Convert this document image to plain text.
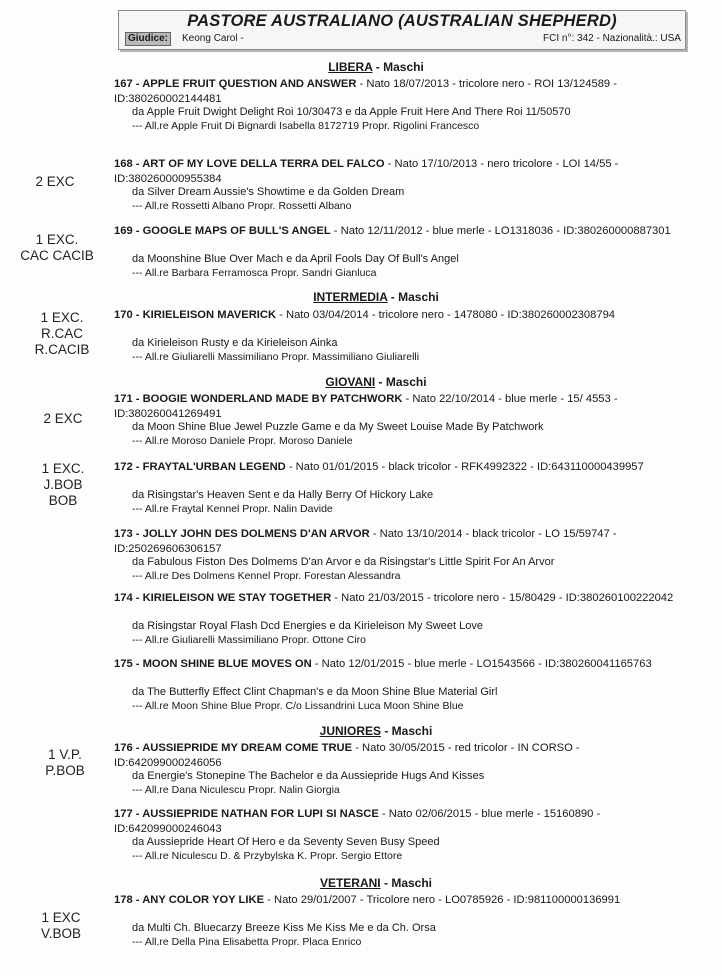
PASTORE AUSTRALIANO (AUSTRALIAN SHEPHERD)
Giudice:	Keong Carol -	FCI n°: 342 - Nazionalità.: USA
LIBERA - Maschi
INTERMEDIA - Maschi
GIOVANI - Maschi
JUNIORES - Maschi
VETERANI - Maschi
2 EXC
1 EXC.
CAC CACIB
1 EXC.
R.CAC
R.CACIB
2 EXC
1 EXC.
J.BOB
BOB
1 V.P.
P.BOB
1 EXC
V.BOB
167 - APPLE FRUIT QUESTION AND ANSWER - Nato 18/07/2013 - tricolore nero - ROI 13/124589 - ID:380260002144481
da Apple Fruit Dwight Delight Roi 10/30473 e da Apple Fruit Here And There Roi 11/50570
--- All.re Apple Fruit Di Bignardi Isabella 8172719 Propr. Rigolini Francesco
168 - ART OF MY LOVE DELLA TERRA DEL FALCO - Nato 17/10/2013 - nero tricolore - LOI 14/55 - ID:380260000955384
da Silver Dream Aussie's Showtime e da Golden Dream
--- All.re Rossetti Albano Propr. Rossetti Albano
169 - GOOGLE MAPS OF BULL'S ANGEL - Nato 12/11/2012 - blue merle - LO1318036 - ID:380260000887301
da Moonshine Blue Over Mach e da April Fools Day Of Bull's Angel
--- All.re Barbara Ferramosca Propr. Sandri Gianluca
170 - KIRIELEISON MAVERICK - Nato 03/04/2014 - tricolore nero - 1478080 - ID:380260002308794
da Kirieleison Rusty e da Kirieleison Ainka
--- All.re Giuliarelli Massimiliano Propr. Massimiliano Giuliarelli
171 - BOOGIE WONDERLAND MADE BY PATCHWORK - Nato 22/10/2014 - blue merle - 15/ 4553 - ID:380260041269491
da Moon Shine Blue Jewel Puzzle Game e da My Sweet Louise Made By Patchwork
--- All.re Moroso Daniele Propr. Moroso Daniele
172 - FRAYTAL'URBAN LEGEND - Nato 01/01/2015 - black tricolor - RFK4992322 - ID:643110000439957
da Risingstar's Heaven Sent e da Hally Berry Of Hickory Lake
--- All.re Fraytal Kennel Propr. Nalin Davide
173 - JOLLY JOHN DES DOLMENS D'AN ARVOR - Nato 13/10/2014 - black tricolor - LO 15/59747 - ID:250269606306157
da Fabulous Fiston Des Dolmems D'an Arvor e da Risingstar's Little Spirit For An Arvor
--- All.re Des Dolmens Kennel Propr. Forestan Alessandra
174 - KIRIELEISON WE STAY TOGETHER - Nato 21/03/2015 - tricolore nero - 15/80429 - ID:380260100222042
da Risingstar Royal Flash Dcd Energies e da Kirieleison My Sweet Love
--- All.re Giuliarelli Massimiliano Propr. Ottone Ciro
175 - MOON SHINE BLUE MOVES ON - Nato 12/01/2015 - blue merle - LO1543566 - ID:380260041165763
da The Butterfly Effect Clint Chapman's e da Moon Shine Blue Material Girl
--- All.re Moon Shine Blue Propr. C/o Lissandrini Luca Moon Shine Blue
176 - AUSSIEPRIDE MY DREAM COME TRUE - Nato 30/05/2015 - red tricolor - IN CORSO - ID:642099000246056
da Energie's Stonepine The Bachelor e da Aussiepride Hugs And Kisses
--- All.re Dana Niculescu Propr. Nalin Giorgia
177 - AUSSIEPRIDE NATHAN FOR LUPI SI NASCE - Nato 02/06/2015 - blue merle - 15160890 - ID:642099000246043
da Aussiepride Heart Of Hero e da Seventy Seven Busy Speed
--- All.re Niculescu D. & Przybylska K. Propr. Sergio Ettore
178 - ANY COLOR YOY LIKE - Nato 29/01/2007 - Tricolore nero - LO0785926 - ID:981100000136991
da Multi Ch. Bluecarzy Breeze Kiss Me Kiss Me e da Ch. Orsa
--- All.re Della Pina Elisabetta Propr. Placa Enrico
